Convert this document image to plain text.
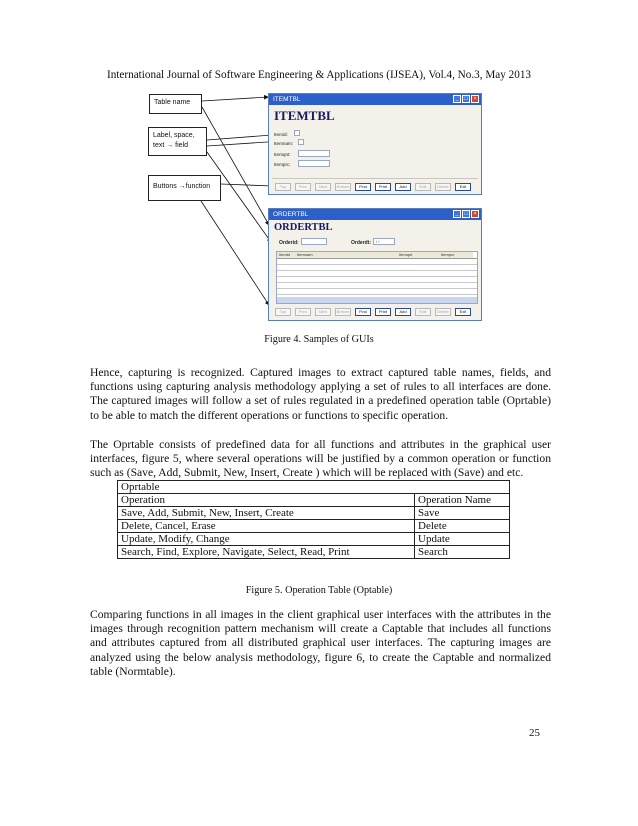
International Journal of Software Engineering & Applications (IJSEA), Vol.4, No.3, May 2013
Table name
Label, space,
text → field
Buttons →function
ITEMTBL	_	□	×
ITEMTBL
Itemid:
Itemnam:
Itemqnt:
Itemprc:
Top	Prev	Next	Bottom	Find	Print	Add	Edit	Delete	Exit
ORDERTBL	_	□	×
ORDERTBL
Orderid:	Orderdt:	/ /
Itemid	Itemnam	Itemqnt	Itemprc
Top	Prev	Next	Bottom	Find	Print	Add	Edit	Delete	Exit
Figure 4. Samples of GUIs
Hence, capturing is recognized. Captured images to extract captured table names, fields, and functions using capturing analysis methodology applying a set of rules to all interfaces are done. The captured images will follow a set of rules regulated in a predefined operation table (Oprtable) to be able to match the different operations or functions to specific operation.
The Oprtable consists of predefined data for all functions and attributes in the graphical user interfaces, figure 5, where several operations will be justified by a common operation or function such as (Save, Add, Submit, New, Insert, Create ) which will be replaced with (Save) and etc.
Oprtable	
Operation	Operation Name
Save, Add, Submit, New, Insert, Create	Save
Delete, Cancel, Erase	Delete
Update, Modify, Change	Update
Search, Find, Explore, Navigate, Select, Read, Print	Search
Figure 5. Operation Table (Optable)
Comparing functions in all images in the client graphical user interfaces with the attributes in the images through recognition pattern mechanism will create a Captable that includes all functions and attributes captured from all distributed graphical user interfaces. The capturing images are analyzed using the below analysis methodology, figure 6, to create the Captable and normalized table (Normtable).
25
